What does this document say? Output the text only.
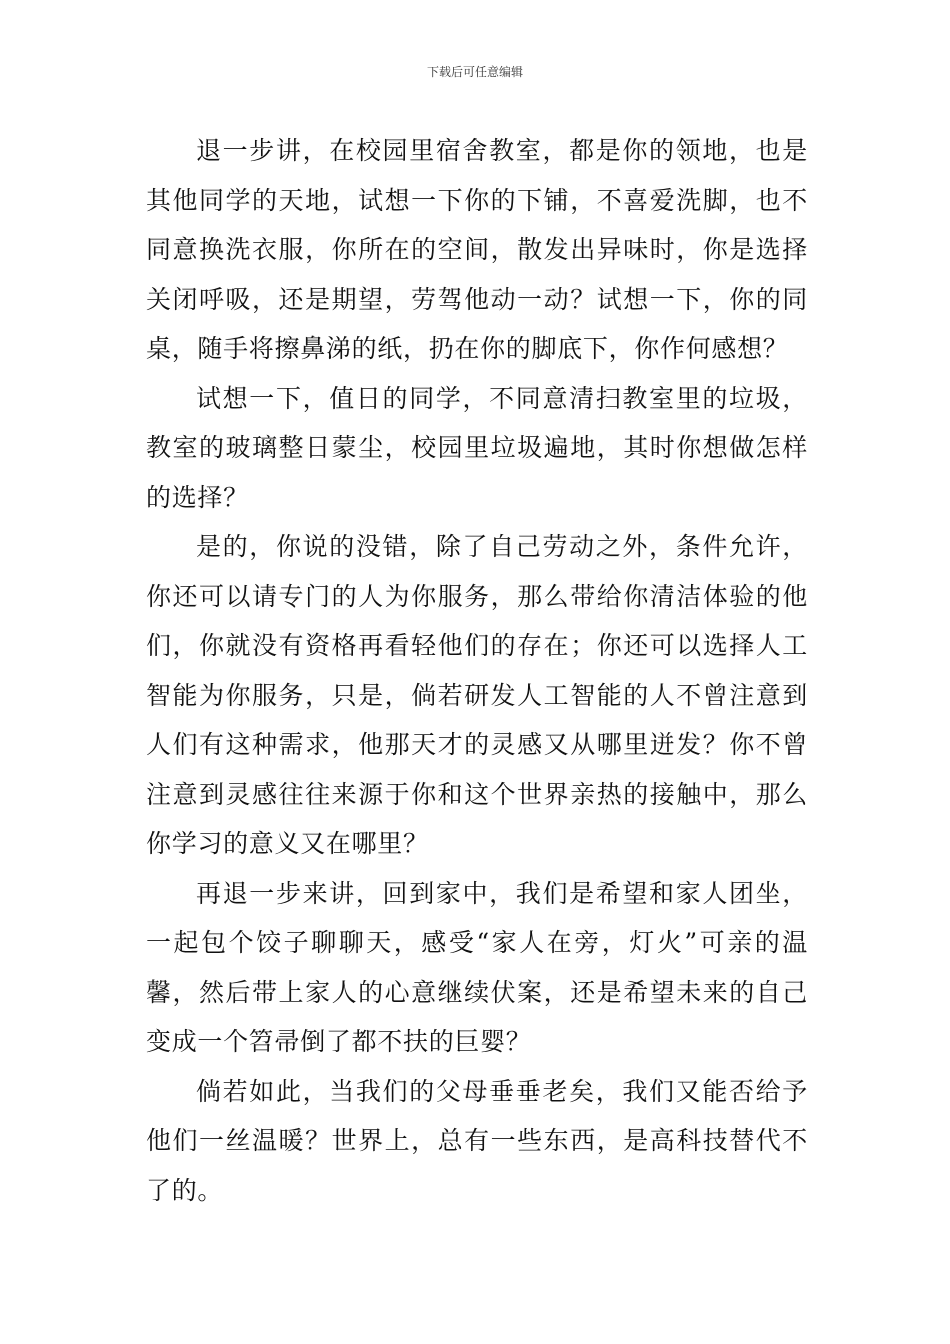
下载后可任意编辑

退一步讲，在校园里宿舍教室，都是你的领地，也是其他同学的天地，试想一下你的下铺，不喜爱洗脚，也不同意换洗衣服，你所在的空间，散发出异味时，你是选择关闭呼吸，还是期望，劳驾他动一动？试想一下，你的同桌，随手将擦鼻涕的纸，扔在你的脚底下，你作何感想？

试想一下，值日的同学，不同意清扫教室里的垃圾，教室的玻璃整日蒙尘，校园里垃圾遍地，其时你想做怎样的选择？

是的，你说的没错，除了自己劳动之外，条件允许，你还可以请专门的人为你服务，那么带给你清洁体验的他们，你就没有资格再看轻他们的存在；你还可以选择人工智能为你服务，只是，倘若研发人工智能的人不曾注意到人们有这种需求，他那天才的灵感又从哪里迸发？你不曾注意到灵感往往来源于你和这个世界亲热的接触中，那么你学习的意义又在哪里？

再退一步来讲，回到家中，我们是希望和家人团坐，一起包个饺子聊聊天，感受“家人在旁，灯火”可亲的温馨，然后带上家人的心意继续伏案，还是希望未来的自己变成一个笤帚倒了都不扶的巨婴？

倘若如此，当我们的父母垂垂老矣，我们又能否给予他们一丝温暖？世界上，总有一些东西，是高科技替代不了的。
